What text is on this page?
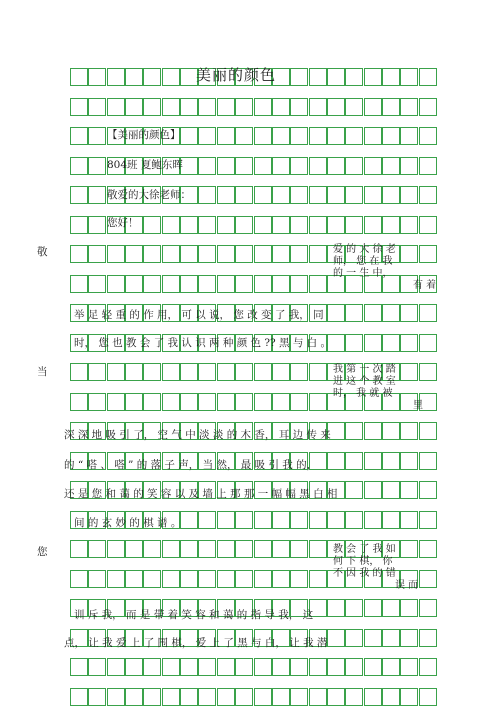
美丽的颜色
【美丽的颜色】
804班 夏鲍东晖
敬爱的大徐老师：
您好！
敬
当
您
爱 的 大 徐 老
师， 您 在 我
的 一 生 中，
有 着
我 第 一 次 踏
进 这 个 教 室
时， 我 就 被
里
教 会 了 我 如
何 下 棋， 你
不 因 我 的 错
误 而
举 足 轻 重 的 作 用， 可 以 说， 您 改 变 了 我， 同
时， 您 也 教 会 了 我 认 识 两 种 颜 色 ?? 黑 与 白 。
深 深 地 吸 引 了， 空 气 中 淡 淡 的 木 香， 耳 边 传 来
的 “ 嗒 、 嗒 ” 的 落 子 声， 当 然， 最 吸 引 我 的，
还 是 您 和 蔼 的 笑 容 以 及 墙 上 那 那 一 幅 幅 黑 白 相
间 的 玄 妙 的 棋 谱 。
训 斥 我， 而 是 带 着 笑 容 和 蔼 的 指 导 我， 这
点， 让 我 爱 上 了 围 棋， 爱 上 了 黑 与 白， 让 我 潜
